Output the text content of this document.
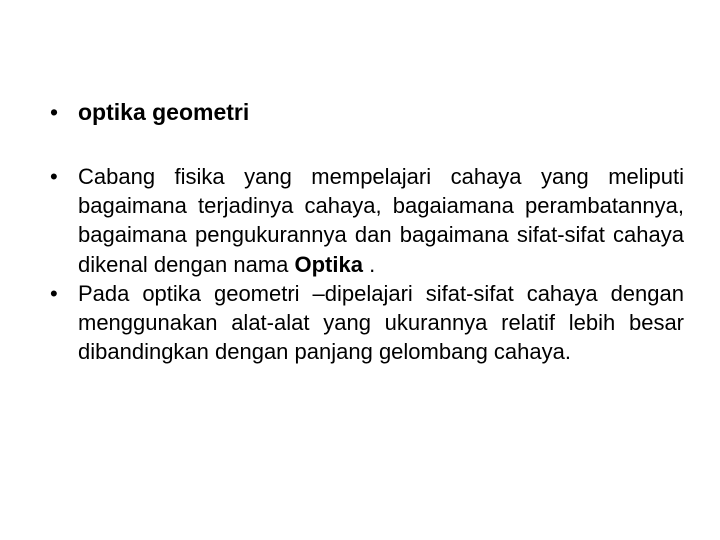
• optika geometri
• Cabang fisika yang mempelajari cahaya yang meliputi bagaimana terjadinya cahaya, bagaiamana perambatannya, bagaimana pengukurannya dan bagaimana sifat-sifat cahaya dikenal dengan nama Optika .
• Pada optika geometri –dipelajari sifat-sifat cahaya dengan menggunakan alat-alat yang ukurannya relatif lebih besar dibandingkan dengan panjang gelombang cahaya.
